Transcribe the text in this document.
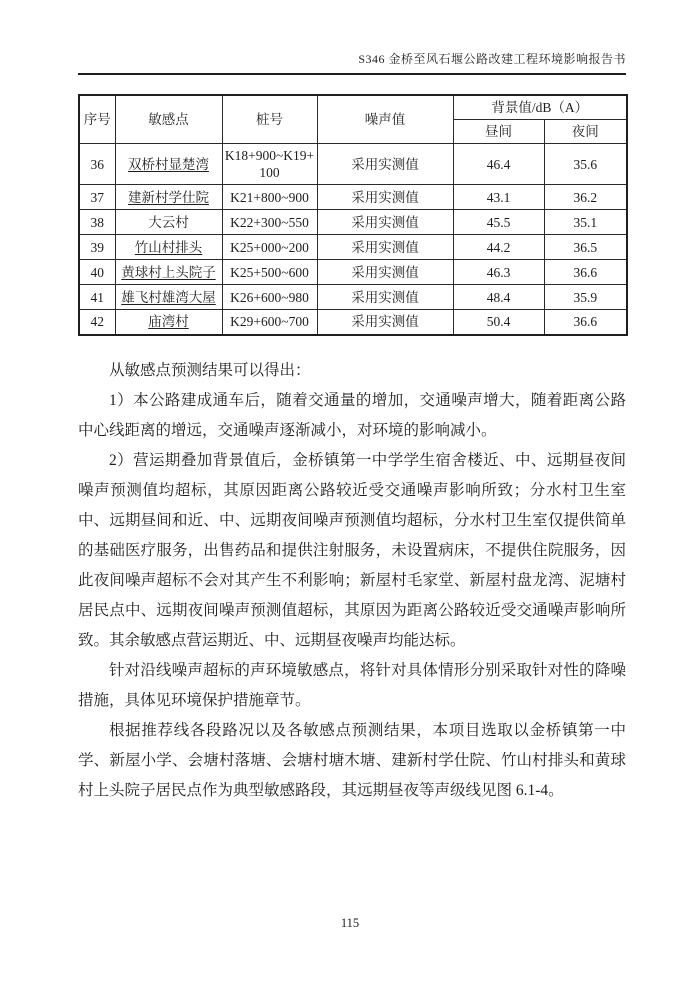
S346 金桥至风石堰公路改建工程环境影响报告书
序号	敏感点	桩号	噪声值	背景值/dB（A）	
				昼间	夜间
36	双桥村显楚湾	K18+900~K19+100	采用实测值	46.4	35.6
37	建新村学仕院	K21+800~900	采用实测值	43.1	36.2
38	大云村	K22+300~550	采用实测值	45.5	35.1
39	竹山村排头	K25+000~200	采用实测值	44.2	36.5
40	黄球村上头院子	K25+500~600	采用实测值	46.3	36.6
41	雄飞村雄湾大屋	K26+600~980	采用实测值	48.4	35.9
42	庙湾村	K29+600~700	采用实测值	50.4	36.6

从敏感点预测结果可以得出：

1）本公路建成通车后，随着交通量的增加，交通噪声增大，随着距离公路中心线距离的增远，交通噪声逐渐减小，对环境的影响减小。

2）营运期叠加背景值后，金桥镇第一中学学生宿舍楼近、中、远期昼夜间噪声预测值均超标，其原因距离公路较近受交通噪声影响所致；分水村卫生室中、远期昼间和近、中、远期夜间噪声预测值均超标，分水村卫生室仅提供简单的基础医疗服务，出售药品和提供注射服务，未设置病床，不提供住院服务，因此夜间噪声超标不会对其产生不利影响；新屋村毛家堂、新屋村盘龙湾、泥塘村居民点中、远期夜间噪声预测值超标，其原因为距离公路较近受交通噪声影响所致。其余敏感点营运期近、中、远期昼夜噪声均能达标。

针对沿线噪声超标的声环境敏感点，将针对具体情形分别采取针对性的降噪措施，具体见环境保护措施章节。

根据推荐线各段路况以及各敏感点预测结果，本项目选取以金桥镇第一中学、新屋小学、会塘村落塘、会塘村塘木塘、建新村学仕院、竹山村排头和黄球村上头院子居民点作为典型敏感路段，其远期昼夜等声级线见图 6.1-4。

115
